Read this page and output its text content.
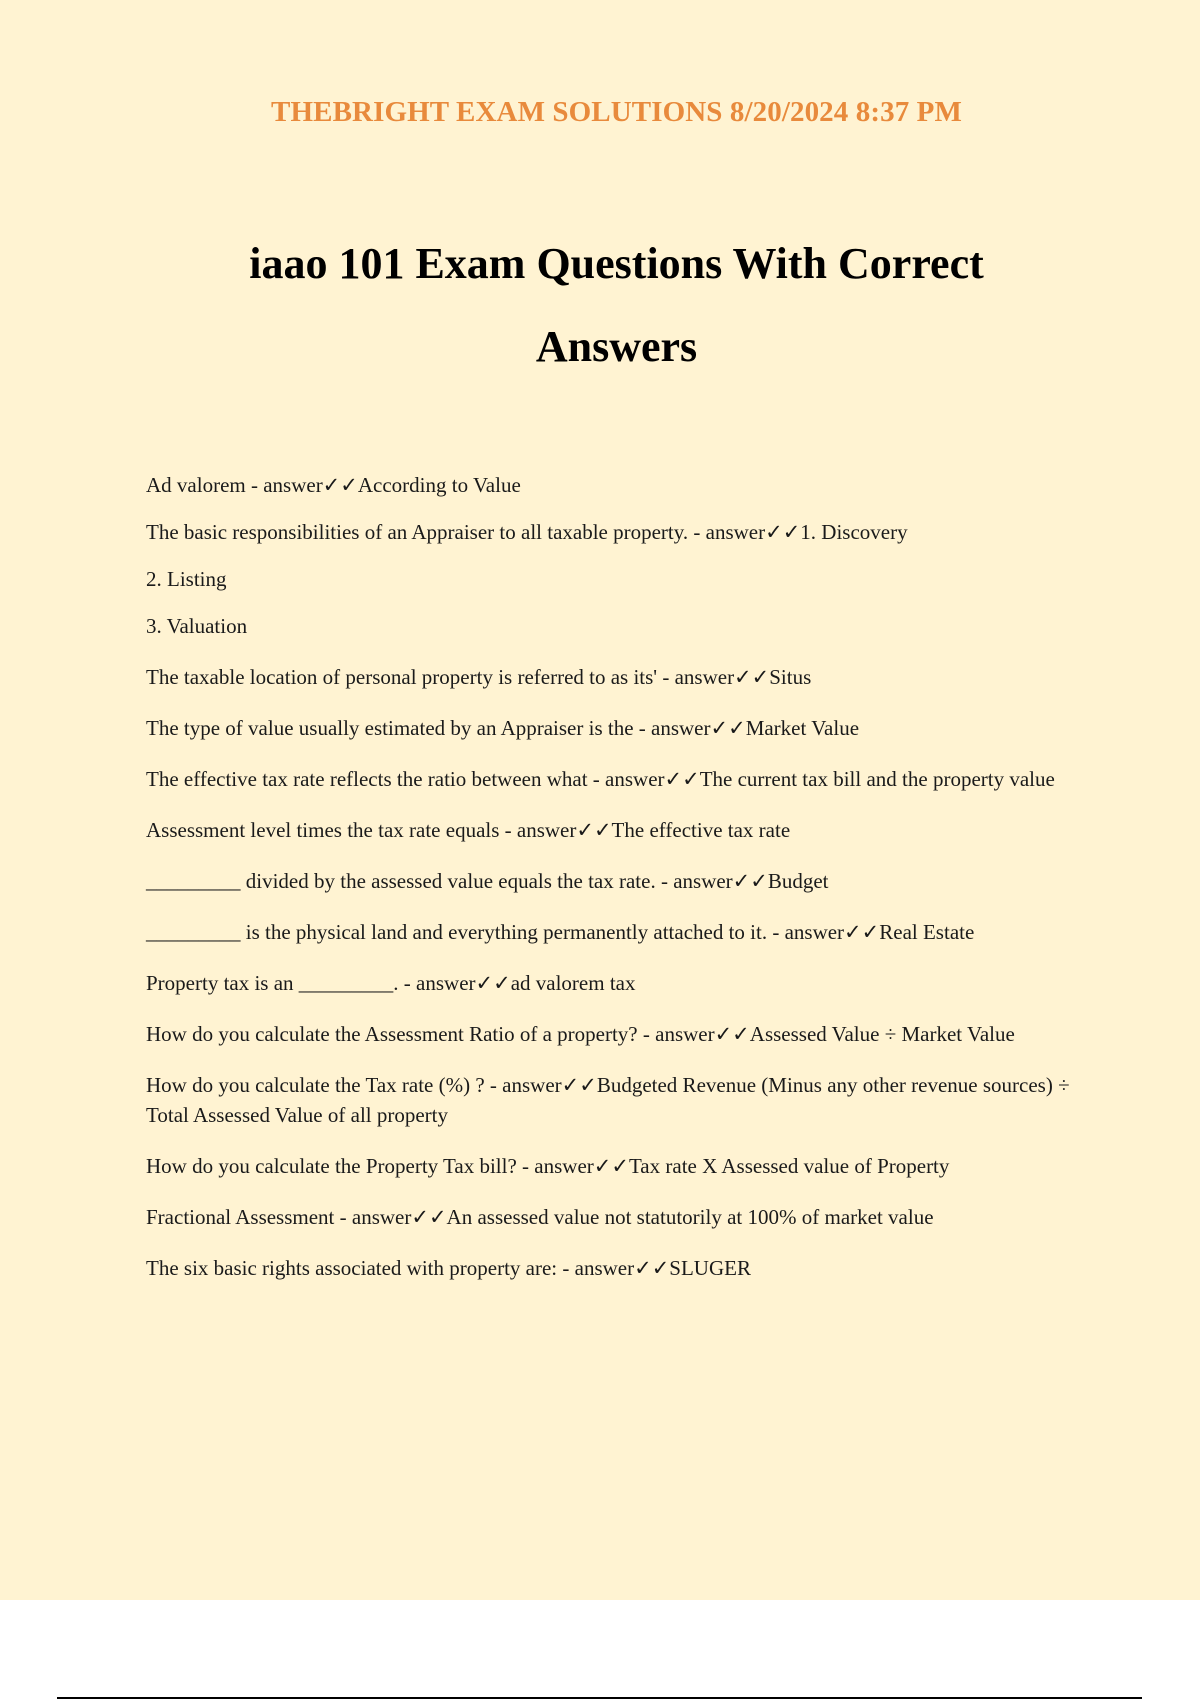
THEBRIGHT EXAM SOLUTIONS 8/20/2024 8:37 PM

iaao 101 Exam Questions With Correct
Answers
Ad valorem - answer✓✓According to Value
The basic responsibilities of an Appraiser to all taxable property. - answer✓✓1. Discovery
2. Listing
3. Valuation
The taxable location of personal property is referred to as its' - answer✓✓Situs
The type of value usually estimated by an Appraiser is the - answer✓✓Market Value
The effective tax rate reflects the ratio between what - answer✓✓The current tax bill and the property value
Assessment level times the tax rate equals - answer✓✓The effective tax rate
_________ divided by the assessed value equals the tax rate. - answer✓✓Budget
_________ is the physical land and everything permanently attached to it. - answer✓✓Real Estate
Property tax is an _________. - answer✓✓ad valorem tax
How do you calculate the Assessment Ratio of a property? - answer✓✓Assessed Value ÷ Market Value
How do you calculate the Tax rate (%) ? - answer✓✓Budgeted Revenue (Minus any other revenue sources) ÷ Total Assessed Value of all property
How do you calculate the Property Tax bill? - answer✓✓Tax rate X Assessed value of Property
Fractional Assessment - answer✓✓An assessed value not statutorily at 100% of market value
The six basic rights associated with property are: - answer✓✓SLUGER
